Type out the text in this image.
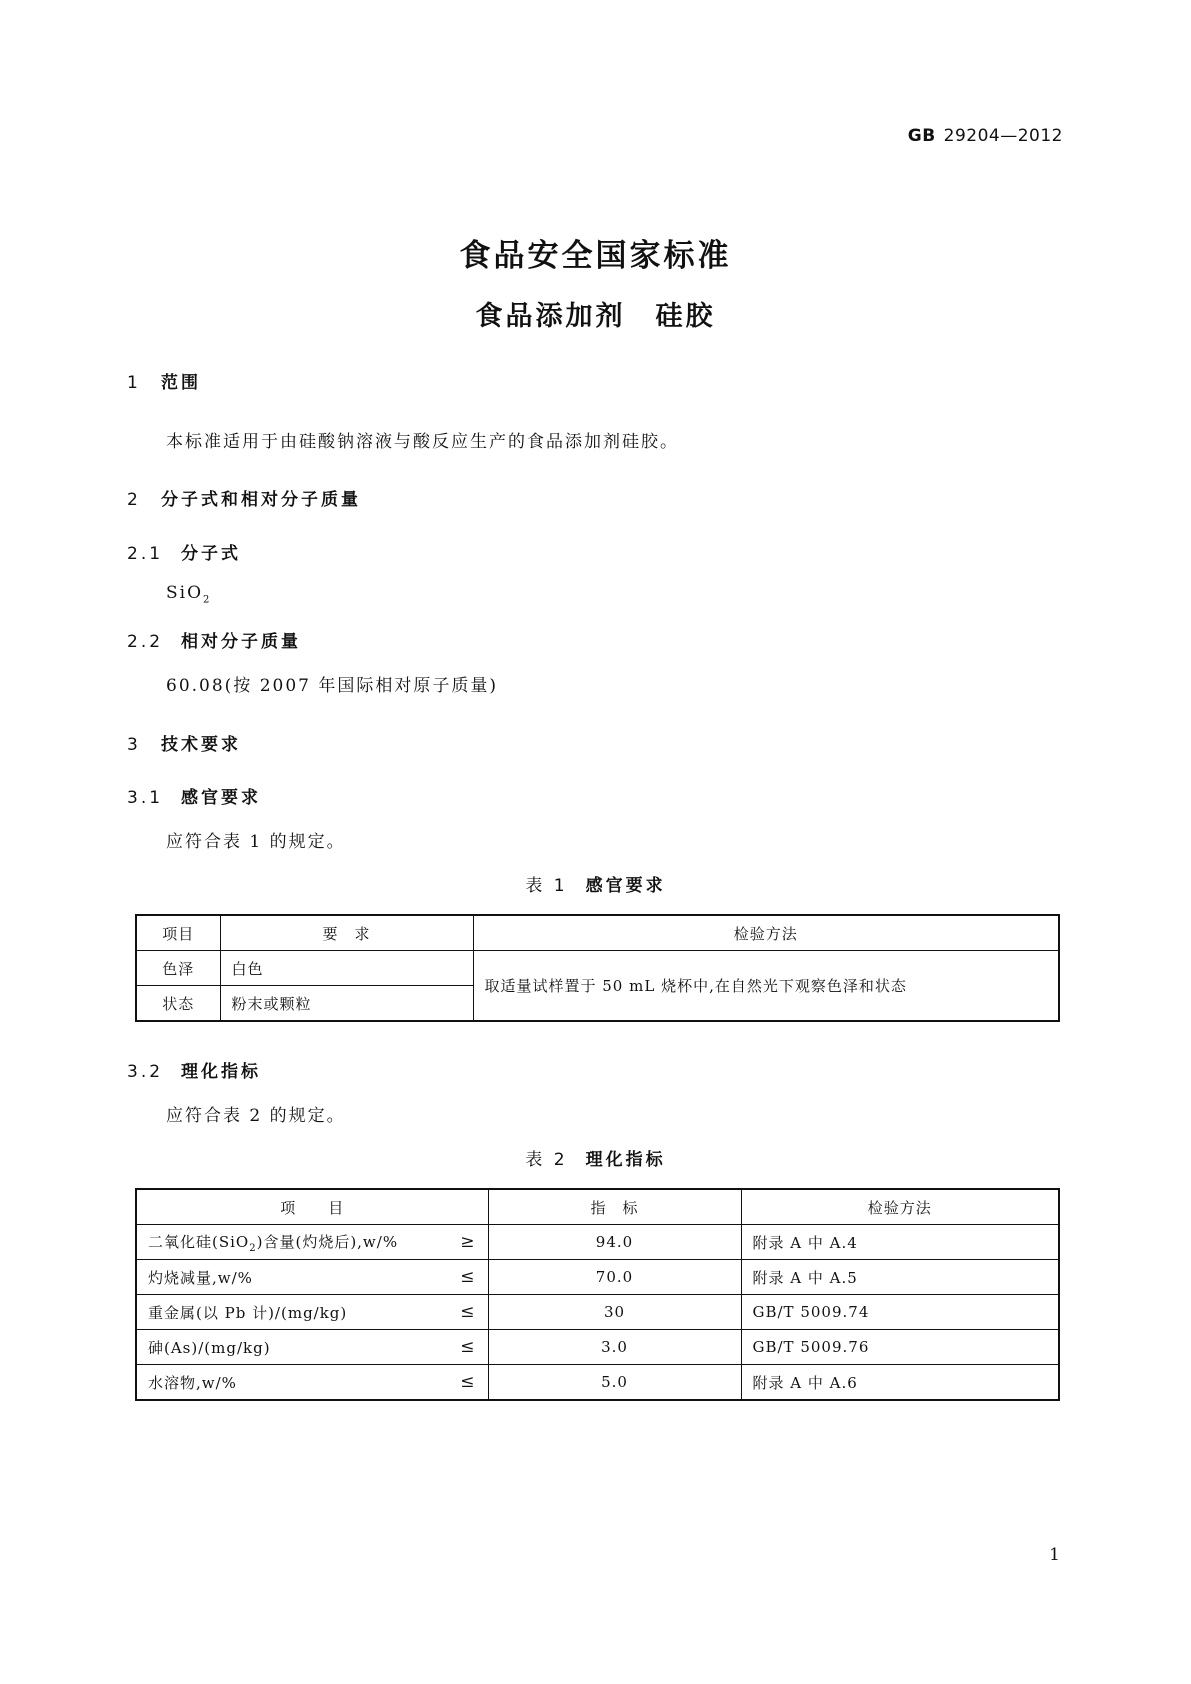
GB 29204—2012
食品安全国家标准
食品添加剂　硅胶
1 范围
本标准适用于由硅酸钠溶液与酸反应生产的食品添加剂硅胶。
2 分子式和相对分子质量
2.1 分子式
SiO$_2$
2.2 相对分子质量
60.08(按 2007 年国际相对原子质量)
3 技术要求
3.1 感官要求
应符合表 1 的规定。
表 1 感官要求
项目	要　求	检验方法
色泽	白色	取适量试样置于 50 mL 烧杯中,在自然光下观察色泽和状态
状态	粉末或颗粒	
3.2 理化指标
应符合表 2 的规定。
表 2 理化指标
项　　目	指　标	检验方法
二氧化硅(SiO$_2$)含量(灼烧后),w/% ≥	94.0	附录 A 中 A.4
灼烧减量,w/% ≤	70.0	附录 A 中 A.5
重金属(以 Pb 计)/(mg/kg) ≤	30	GB/T 5009.74
砷(As)/(mg/kg) ≤	3.0	GB/T 5009.76
水溶物,w/% ≤	5.0	附录 A 中 A.6
1
